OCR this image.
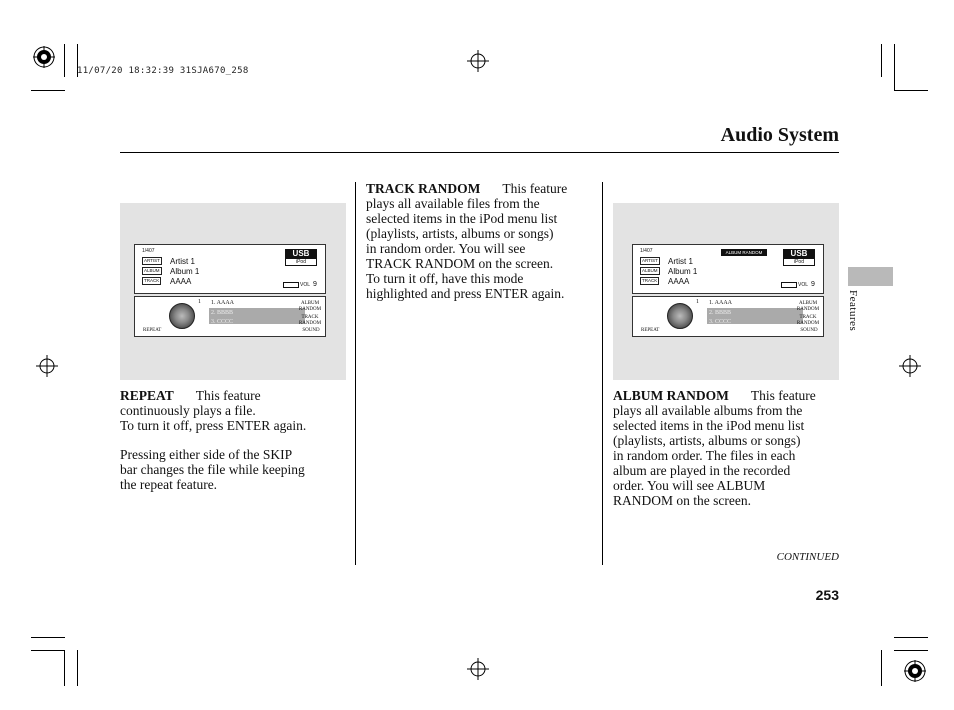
11/07/20 18:32:39 31SJA670_258
Audio System
Features
1/407
ARTIST Artist 1
ALBUM Album 1
TRACK AAAA
USB
iPod
VOL 9
1. AAAA
2. BBBB
3. CCCC
1	ALBUM RANDOM
TRACK RANDOM
SOUND
REPEAT
1/407	ALBUM RANDOM
ARTIST Artist 1
ALBUM Album 1
TRACK AAAA
USB
iPod
VOL 9
1. AAAA
2. BBBB
3. CCCC
1	ALBUM RANDOM
TRACK RANDOM
SOUND
REPEAT
REPEAT This feature
continuously plays a file.
To turn it off, press ENTER again.
Pressing either side of the SKIP
bar changes the file while keeping
the repeat feature.
TRACK RANDOM This feature
plays all available files from the
selected items in the iPod menu list
(playlists, artists, albums or songs)
in random order. You will see
TRACK RANDOM on the screen.
To turn it off, have this mode
highlighted and press ENTER again.
ALBUM RANDOM This feature
plays all available albums from the
selected items in the iPod menu list
(playlists, artists, albums or songs)
in random order. The files in each
album are played in the recorded
order. You will see ALBUM
RANDOM on the screen.
CONTINUED
253
